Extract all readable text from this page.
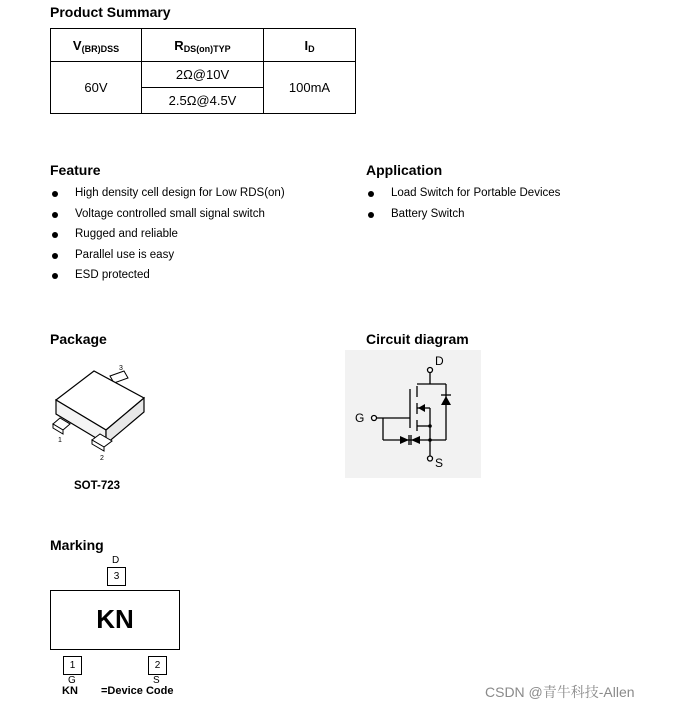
Product Summary
$V_{(BR)DSS}$	$R_{DS(on)TYP}$	$I_D$
60V	2Ω@10V	100mA
	2.5Ω@4.5V	
Feature
High density cell design for Low RDS(on)
Voltage controlled small signal switch
Rugged and reliable
Parallel use is easy
ESD protected
Application
Load Switch for Portable Devices
Battery Switch
Package
3
1
2
SOT-723
Circuit diagram
D
G
S
Marking
KN
D
3
1
G
2
S
KN =Device Code	CSDN @青牛科技-Allen
